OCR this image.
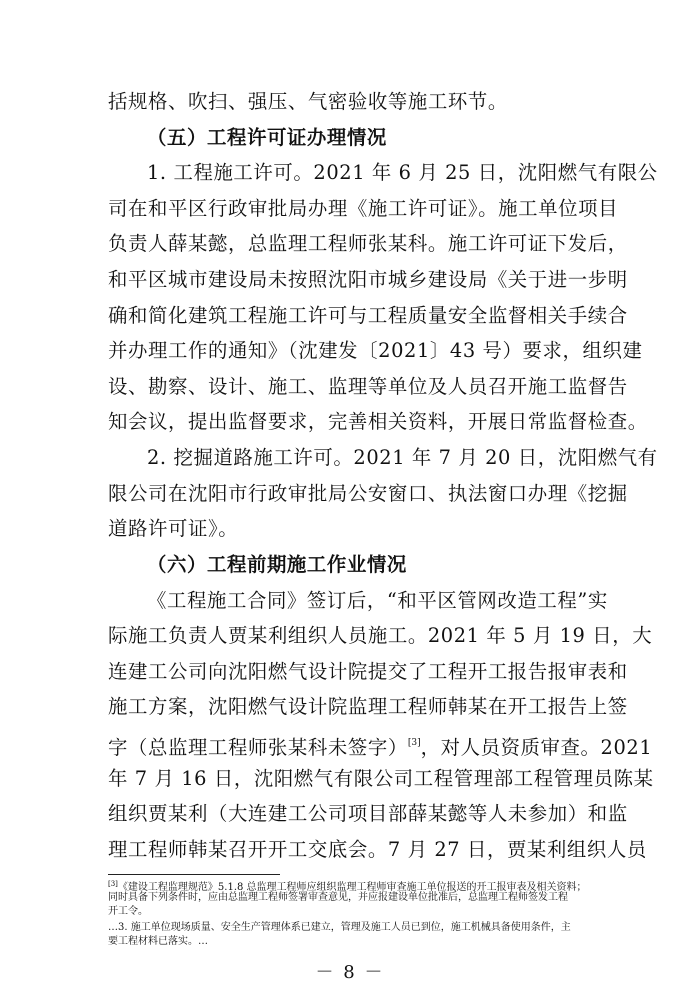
括规格、吹扫、强压、气密验收等施工环节。
（五）工程许可证办理情况
1. 工程施工许可。2021 年 6 月 25 日，沈阳燃气有限公
司在和平区行政审批局办理《施工许可证》。施工单位项目
负责人薛某懿，总监理工程师张某科。施工许可证下发后，
和平区城市建设局未按照沈阳市城乡建设局《关于进一步明
确和简化建筑工程施工许可与工程质量安全监督相关手续合
并办理工作的通知》（沈建发〔2021〕43 号）要求，组织建
设、勘察、设计、施工、监理等单位及人员召开施工监督告
知会议，提出监督要求，完善相关资料，开展日常监督检查。
2. 挖掘道路施工许可。2021 年 7 月 20 日，沈阳燃气有
限公司在沈阳市行政审批局公安窗口、执法窗口办理《挖掘
道路许可证》。
（六）工程前期施工作业情况
《工程施工合同》签订后，“和平区管网改造工程”实
际施工负责人贾某利组织人员施工。2021 年 5 月 19 日，大
连建工公司向沈阳燃气设计院提交了工程开工报告报审表和
施工方案，沈阳燃气设计院监理工程师韩某在开工报告上签
字（总监理工程师张某科未签字）[3]，对人员资质审查。2021
年 7 月 16 日，沈阳燃气有限公司工程管理部工程管理员陈某
组织贾某利（大连建工公司项目部薛某懿等人未参加）和监
理工程师韩某召开开工交底会。7 月 27 日，贾某利组织人员
[3]《建设工程监理规范》5.1.8 总监理工程师应组织监理工程师审查施工单位报送的开工报审表及相关资料；
同时具备下列条件时，应由总监理工程师签署审查意见，并应报建设单位批准后，总监理工程师签发工程
开工令。
…3. 施工单位现场质量、安全生产管理体系已建立，管理及施工人员已到位，施工机械具备使用条件，主
要工程材料已落实。…
－ 8 －
